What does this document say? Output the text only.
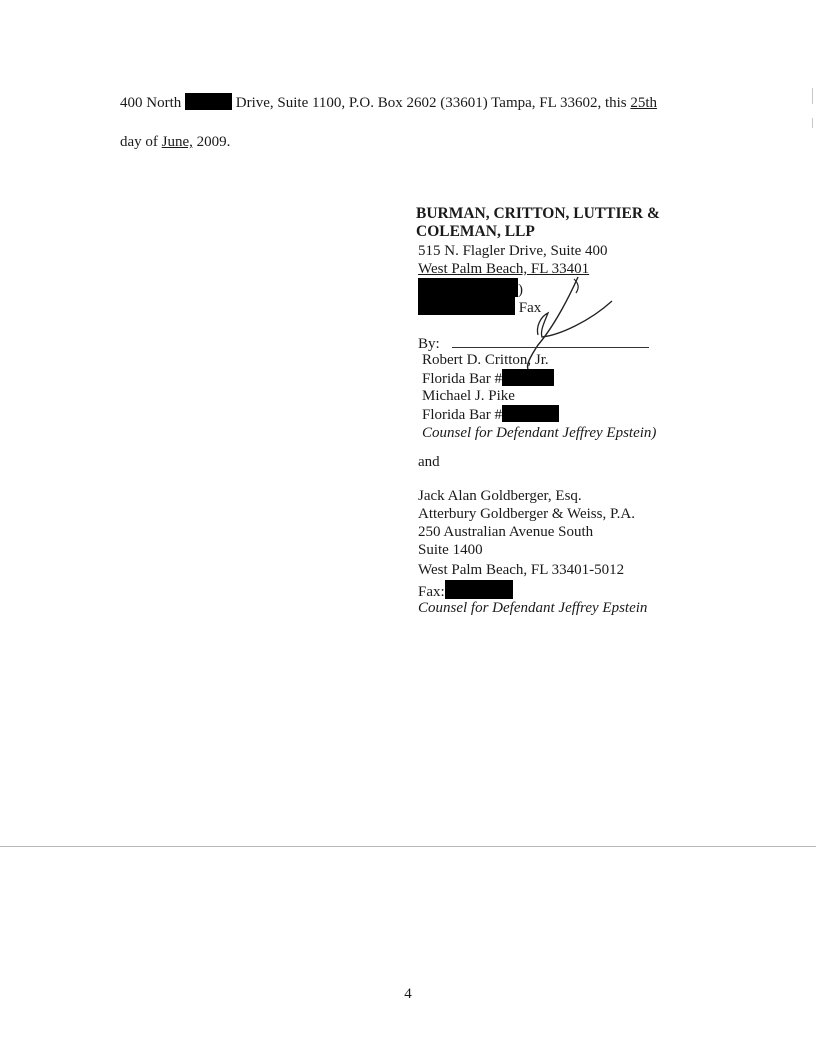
400 North	Drive, Suite 1100, P.O. Box 2602 (33601) Tampa, FL 33602, this 25th
day of June, 2009.
BURMAN, CRITTON, LUTTIER &
COLEMAN, LLP
515 N. Flagler Drive, Suite 400
West Palm Beach, FL 33401
)
Fax
By:
Robert D. Critton, Jr.
Florida Bar #
Michael J. Pike
Florida Bar #
Counsel for Defendant Jeffrey Epstein)
and
Jack Alan Goldberger, Esq.
Atterbury Goldberger & Weiss, P.A.
250 Australian Avenue South
Suite 1400
West Palm Beach, FL 33401-5012
Fax:
Counsel for Defendant Jeffrey Epstein
4
